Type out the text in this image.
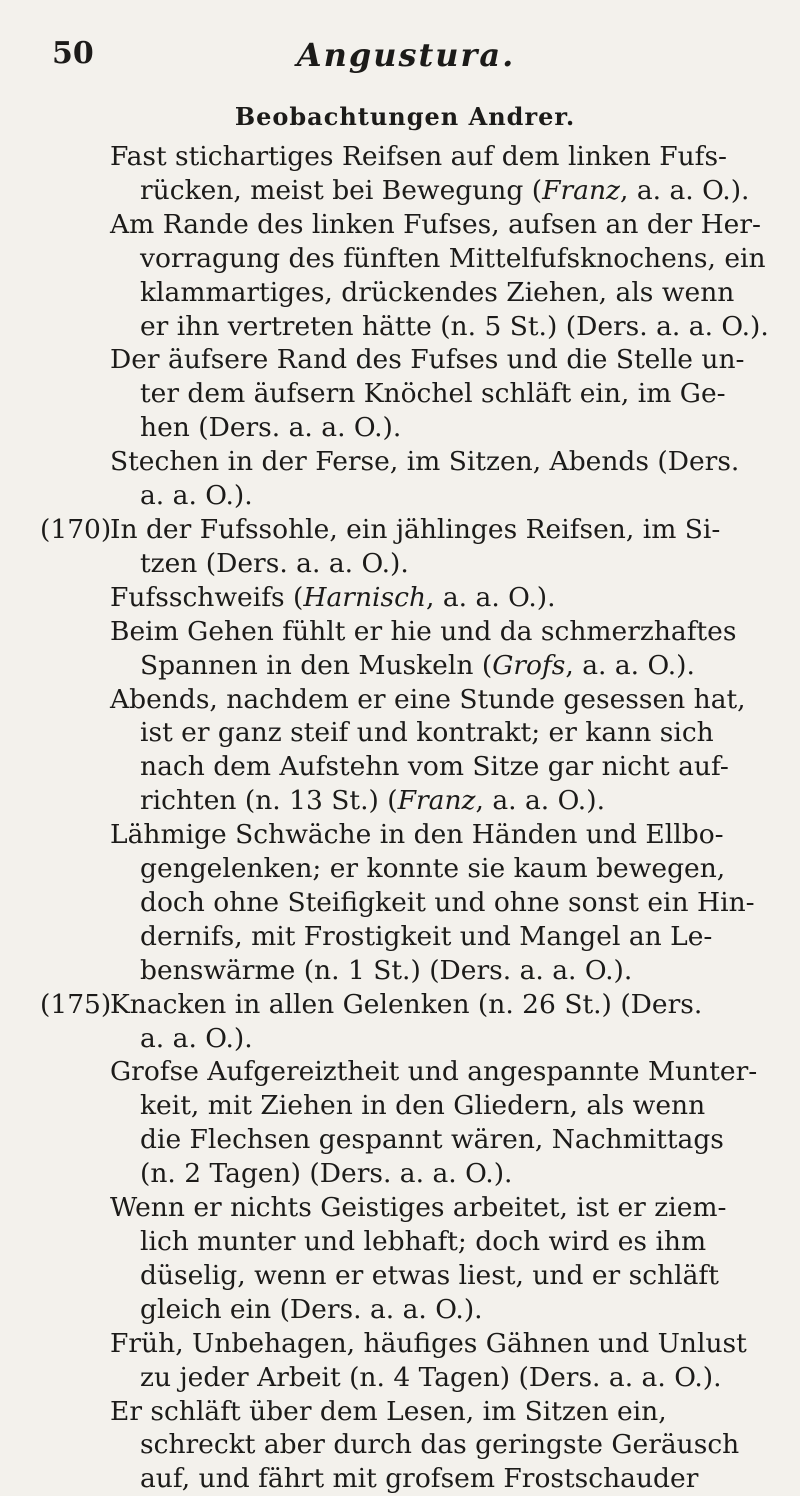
50	Angustura.
Beobachtungen Andrer.
Fast stichartiges Reifsen auf dem linken Fufs-
rücken, meist bei Bewegung (Franz, a. a. O.).
Am Rande des linken Fufses, aufsen an der Her-
vorragung des fünften Mittelfufsknochens, ein
klammartiges, drückendes Ziehen, als wenn
er ihn vertreten hätte (n. 5 St.) (Ders. a. a. O.).
Der äufsere Rand des Fufses und die Stelle un-
ter dem äufsern Knöchel schläft ein, im Ge-
hen (Ders. a. a. O.).
Stechen in der Ferse, im Sitzen, Abends (Ders.
a. a. O.).
(170)
In der Fufssohle, ein jählinges Reifsen, im Si-
tzen (Ders. a. a. O.).
Fufsschweifs (Harnisch, a. a. O.).
Beim Gehen fühlt er hie und da schmerzhaftes
Spannen in den Muskeln (Grofs, a. a. O.).
Abends, nachdem er eine Stunde gesessen hat,
ist er ganz steif und kontrakt; er kann sich
nach dem Aufstehn vom Sitze gar nicht auf-
richten (n. 13 St.) (Franz, a. a. O.).
Lähmige Schwäche in den Händen und Ellbo-
gengelenken; er konnte sie kaum bewegen,
doch ohne Steifigkeit und ohne sonst ein Hin-
dernifs, mit Frostigkeit und Mangel an Le-
benswärme (n. 1 St.) (Ders. a. a. O.).
(175)
Knacken in allen Gelenken (n. 26 St.) (Ders.
a. a. O.).
Grofse Aufgereiztheit und angespannte Munter-
keit, mit Ziehen in den Gliedern, als wenn
die Flechsen gespannt wären, Nachmittags
(n. 2 Tagen) (Ders. a. a. O.).
Wenn er nichts Geistiges arbeitet, ist er ziem-
lich munter und lebhaft; doch wird es ihm
düselig, wenn er etwas liest, und er schläft
gleich ein (Ders. a. a. O.).
Früh, Unbehagen, häufiges Gähnen und Unlust
zu jeder Arbeit (n. 4 Tagen) (Ders. a. a. O.).
Er schläft über dem Lesen, im Sitzen ein,
schreckt aber durch das geringste Geräusch
auf, und fährt mit grofsem Frostschauder
